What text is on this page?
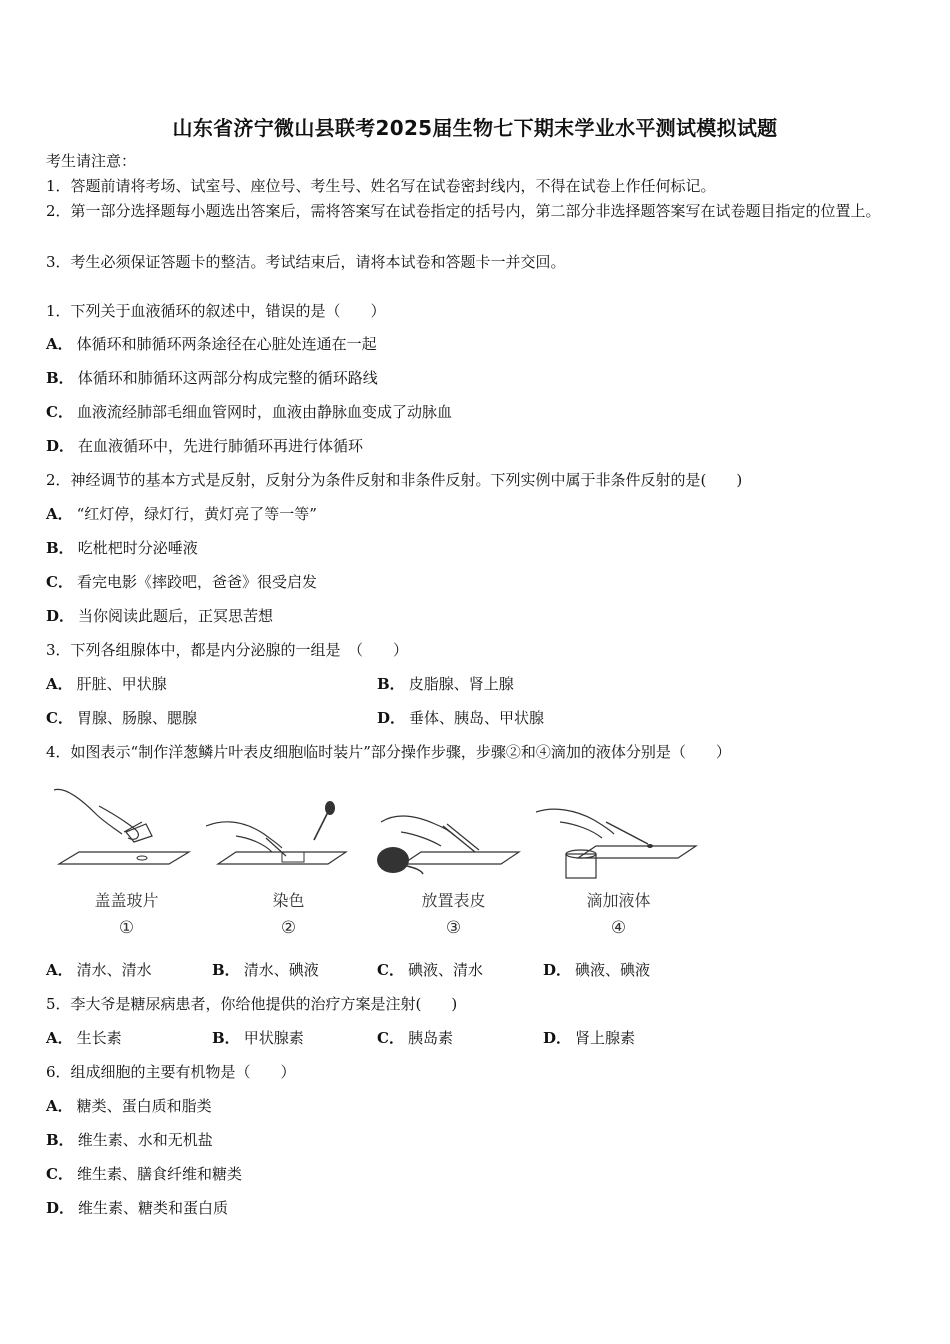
山东省济宁微山县联考2025届生物七下期末学业水平测试模拟试题
考生请注意：
1．答题前请将考场、试室号、座位号、考生号、姓名写在试卷密封线内，不得在试卷上作任何标记。
2．第一部分选择题每小题选出答案后，需将答案写在试卷指定的括号内，第二部分非选择题答案写在试卷题目指定的位置上。
3．考生必须保证答题卡的整洁。考试结束后，请将本试卷和答题卡一并交回。
1．下列关于血液循环的叙述中，错误的是（　　）
A． 体循环和肺循环两条途径在心脏处连通在一起
B． 体循环和肺循环这两部分构成完整的循环路线
C． 血液流经肺部毛细血管网时，血液由静脉血变成了动脉血
D． 在血液循环中，先进行肺循环再进行体循环
2．神经调节的基本方式是反射，反射分为条件反射和非条件反射。下列实例中属于非条件反射的是(　　)
A． “红灯停，绿灯行，黄灯亮了等一等”
B． 吃枇杷时分泌唾液
C． 看完电影《摔跤吧，爸爸》很受启发
D． 当你阅读此题后，正冥思苦想
3．下列各组腺体中，都是内分泌腺的一组是　（　　）
A． 肝脏、甲状腺	B． 皮脂腺、肾上腺
C． 胃腺、肠腺、腮腺	D． 垂体、胰岛、甲状腺
4．如图表示“制作洋葱鳞片叶表皮细胞临时装片”部分操作步骤，步骤②和④滴加的液体分别是（　　）
盖盖玻片
①
染色
②
放置表皮
③
滴加液体
④
A． 清水、清水	B． 清水、碘液	C． 碘液、清水	D． 碘液、碘液
5．李大爷是糖尿病患者，你给他提供的治疗方案是注射(　　)
A． 生长素	B． 甲状腺素	C． 胰岛素	D． 肾上腺素
6．组成细胞的主要有机物是（　　）
A． 糖类、蛋白质和脂类
B． 维生素、水和无机盐
C． 维生素、膳食纤维和糖类
D． 维生素、糖类和蛋白质
